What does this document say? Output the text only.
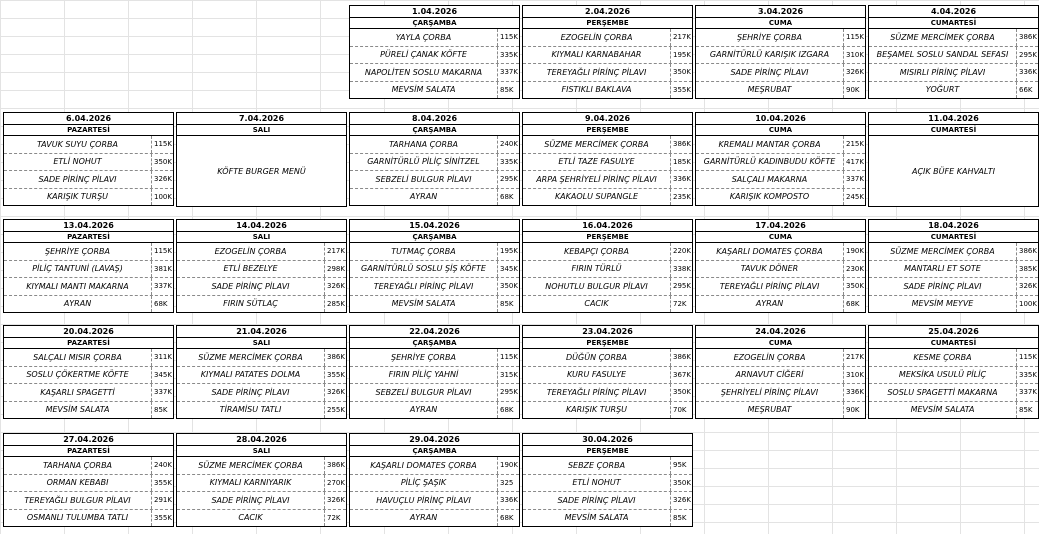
1.04.2026
ÇARŞAMBA
YAYLA ÇORBA	115K
PÜRELİ ÇANAK KÖFTE	335K
NAPOLİTEN SOSLU MAKARNA	337K
MEVSİM SALATA	85K
2.04.2026
PERŞEMBE
EZOGELİN ÇORBA	217K
KIYMALI KARNABAHAR	195K
TEREYAĞLI PİRİNÇ PİLAVI	350K
FISTIKLI BAKLAVA	355K
3.04.2026
CUMA
ŞEHRİYE ÇORBA	115K
GARNİTÜRLÜ KARIŞIK IZGARA	310K
SADE PİRİNÇ PİLAVI	326K
MEŞRUBAT	90K
4.04.2026
CUMARTESİ
SÜZME MERCİMEK ÇORBA	386K
BEŞAMEL SOSLU SANDAL SEFASI	295K
MISIRLI PİRİNÇ PİLAVI	336K
YOĞURT	66K
6.04.2026
PAZARTESİ
TAVUK SUYU ÇORBA	115K
ETLİ NOHUT	350K
SADE PİRİNÇ PİLAVI	326K
KARIŞIK TURŞU	100K
7.04.2026
SALI
KÖFTE BURGER MENÜ
8.04.2026
ÇARŞAMBA
TARHANA ÇORBA	240K
GARNİTÜRLÜ PİLİÇ SİNİTZEL	335K
SEBZELİ BULGUR PİLAVI	295K
AYRAN	68K
9.04.2026
PERŞEMBE
SÜZME MERCİMEK ÇORBA	386K
ETLİ TAZE FASULYE	185K
ARPA ŞEHRİYELİ PİRİNÇ PİLAVI	336K
KAKAOLU SUPANGLE	235K
10.04.2026
CUMA
KREMALI MANTAR ÇORBA	215K
GARNİTÜRLÜ KADINBUDU KÖFTE	417K
SALÇALI MAKARNA	337K
KARIŞIK KOMPOSTO	245K
11.04.2026
CUMARTESİ
AÇIK BÜFE KAHVALTI
13.04.2026
PAZARTESİ
ŞEHRİYE ÇORBA	115K
PİLİÇ TANTUNİ (LAVAŞ)	381K
KIYMALI MANTI MAKARNA	337K
AYRAN	68K
14.04.2026
SALI
EZOGELİN ÇORBA	217K
ETLİ BEZELYE	298K
SADE PİRİNÇ PİLAVI	326K
FIRIN SÜTLAÇ	285K
15.04.2026
ÇARŞAMBA
TUTMAÇ ÇORBA	195K
GARNİTÜRLÜ SOSLU ŞİŞ KÖFTE	345K
TEREYAĞLI PİRİNÇ PİLAVI	350K
MEVSİM SALATA	85K
16.04.2026
PERŞEMBE
KEBAPÇI ÇORBA	220K
FIRIN TÜRLÜ	338K
NOHUTLU BULGUR PİLAVI	295K
CACIK	72K
17.04.2026
CUMA
KAŞARLI DOMATES ÇORBA	190K
TAVUK DÖNER	230K
TEREYAĞLI PİRİNÇ PİLAVI	350K
AYRAN	68K
18.04.2026
CUMARTESİ
SÜZME MERCİMEK ÇORBA	386K
MANTARLI ET SOTE	385K
SADE PİRİNÇ PİLAVI	326K
MEVSİM MEYVE	100K
20.04.2026
PAZARTESİ
SALÇALI MISIR ÇORBA	311K
SOSLU ÇÖKERTME KÖFTE	345K
KAŞARLI SPAGETTİ	337K
MEVSİM SALATA	85K
21.04.2026
SALI
SÜZME MERCİMEK ÇORBA	386K
KIYMALI PATATES DOLMA	355K
SADE PİRİNÇ PİLAVI	326K
TİRAMİSU TATLI	255K
22.04.2026
ÇARŞAMBA
ŞEHRİYE ÇORBA	115K
FIRIN PİLİÇ YAHNİ	315K
SEBZELİ BULGUR PİLAVI	295K
AYRAN	68K
23.04.2026
PERŞEMBE
DÜĞÜN ÇORBA	386K
KURU FASULYE	367K
TEREYAĞLI PİRİNÇ PİLAVI	350K
KARIŞIK TURŞU	70K
24.04.2026
CUMA
EZOGELİN ÇORBA	217K
ARNAVUT CİĞERİ	310K
ŞEHRİYELİ PİRİNÇ PİLAVI	336K
MEŞRUBAT	90K
25.04.2026
CUMARTESİ
KESME ÇORBA	115K
MEKSİKA USULÜ PİLİÇ	335K
SOSLU SPAGETTİ MAKARNA	337K
MEVSİM SALATA	85K
27.04.2026
PAZARTESİ
TARHANA ÇORBA	240K
ORMAN KEBABI	355K
TEREYAĞLI BULGUR PİLAVI	291K
OSMANLI TULUMBA TATLI	355K
28.04.2026
SALI
SÜZME MERCİMEK ÇORBA	386K
KIYMALI KARNIYARIK	270K
SADE PİRİNÇ PİLAVI	326K
CACIK	72K
29.04.2026
ÇARŞAMBA
KAŞARLI DOMATES ÇORBA	190K
PİLİÇ ŞAŞIK	325
HAVUÇLU PİRİNÇ PİLAVI	336K
AYRAN	68K
30.04.2026
PERŞEMBE
SEBZE ÇORBA	95K
ETLİ NOHUT	350K
SADE PİRİNÇ PİLAVI	326K
MEVSİM SALATA	85K
